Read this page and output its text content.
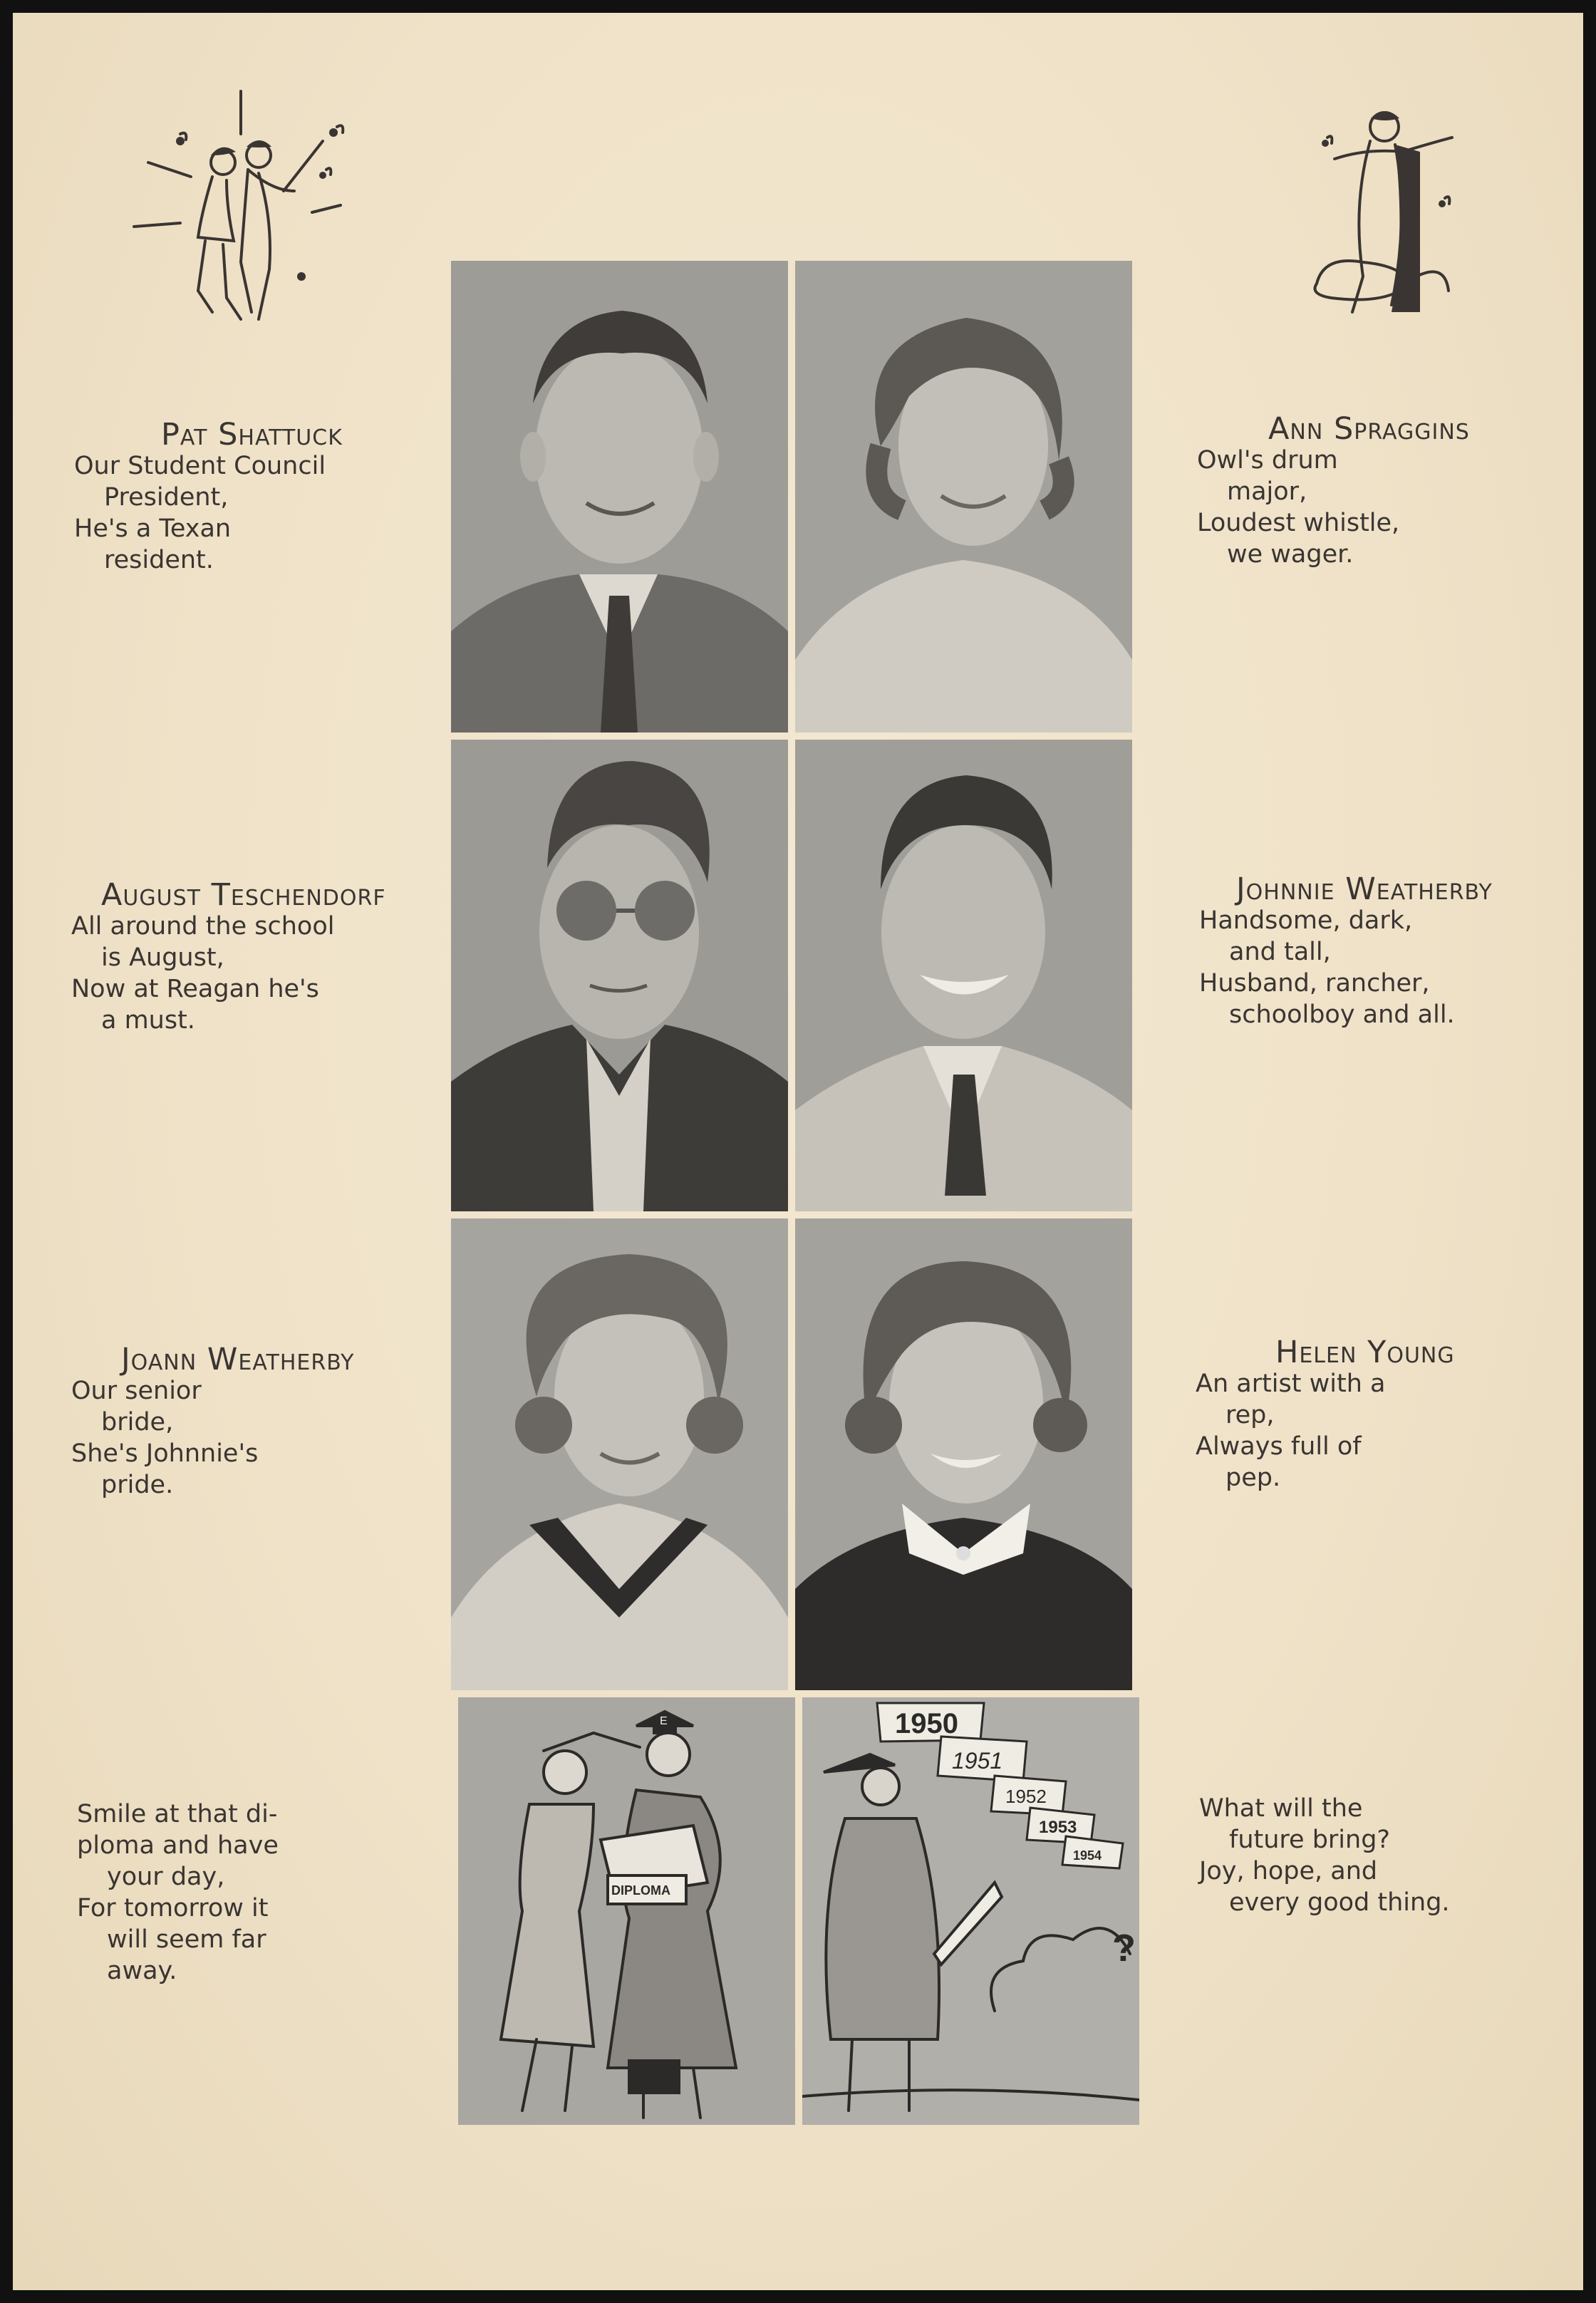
DIPLOMA
E	1950
1951
1952
1953
1954
?
Pat Shattuck
Our Student Council
President,
He's a Texan
resident.
Ann Spraggins
Owl's drum
major,
Loudest whistle,
we wager.
August Teschendorf
All around the school
is August,
Now at Reagan he's
a must.
Johnnie Weatherby
Handsome, dark,
and tall,
Husband, rancher,
schoolboy and all.
Joann Weatherby
Our senior
bride,
She's Johnnie's
pride.
Helen Young
An artist with a
rep,
Always full of
pep.
Smile at that di-
ploma and have
your day,
For tomorrow it
will seem far
away.
What will the
future bring?
Joy, hope, and
every good thing.
